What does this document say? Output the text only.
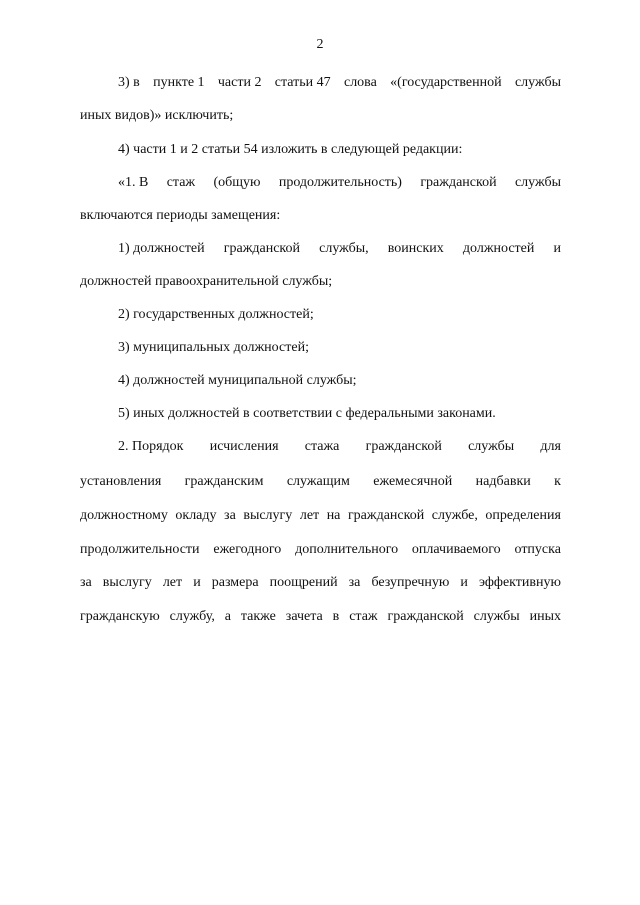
2
3) в пункте 1 части 2 статьи 47 слова «(государственной службы
иных видов)» исключить;
4) части 1 и 2 статьи 54 изложить в следующей редакции:
«1. В стаж (общую продолжительность) гражданской службы
включаются периоды замещения:
1) должностей гражданской службы, воинских должностей и
должностей правоохранительной службы;
2) государственных должностей;
3) муниципальных должностей;
4) должностей муниципальной службы;
5) иных должностей в соответствии с федеральными законами.
2. Порядок исчисления стажа гражданской службы для
установления гражданским служащим ежемесячной надбавки к
должностному окладу за выслугу лет на гражданской службе, определения
продолжительности ежегодного дополнительного оплачиваемого отпуска
за выслугу лет и размера поощрений за безупречную и эффективную
гражданскую службу, а также зачета в стаж гражданской службы иных
